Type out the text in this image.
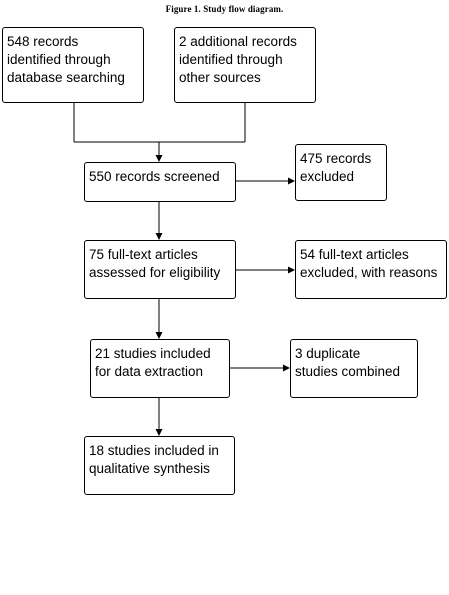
Figure 1. Study flow diagram.
548 records
identified through
database searching
2 additional records
identified through
other sources
550 records screened
475 records
excluded
75 full-text articles
assessed for eligibility
54 full-text articles
excluded, with reasons
21 studies included
for data extraction
3 duplicate
studies combined
18 studies included in
qualitative synthesis
